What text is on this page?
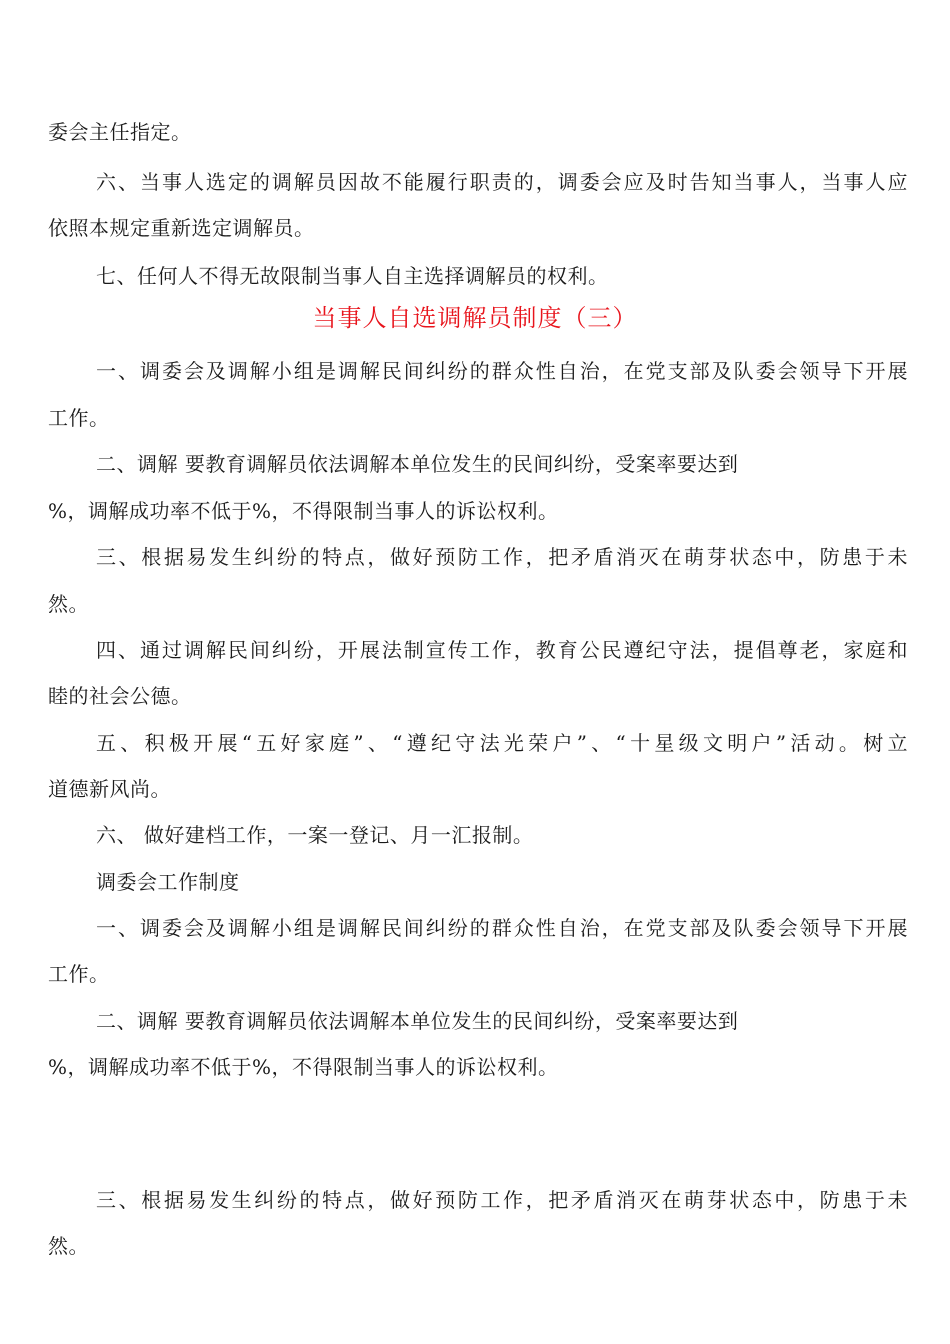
委会主任指定。
六、当事人选定的调解员因故不能履行职责的，调委会应及时告知当事人，当事人应
依照本规定重新选定调解员。
七、任何人不得无故限制当事人自主选择调解员的权利。
当事人自选调解员制度（三）
一、调委会及调解小组是调解民间纠纷的群众性自治，在党支部及队委会领导下开展
工作。
二、调解 要教育调解员依法调解本单位发生的民间纠纷，受案率要达到
%，调解成功率不低于%，不得限制当事人的诉讼权利。
三、根据易发生纠纷的特点，做好预防工作，把矛盾消灭在萌芽状态中，防患于未
然。
四、通过调解民间纠纷，开展法制宣传工作，教育公民遵纪守法，提倡尊老，家庭和
睦的社会公德。
五、积极开展“五好家庭”、“遵纪守法光荣户”、“十星级文明户”活动。树立
道德新风尚。
六、 做好建档工作，一案一登记、月一汇报制。
调委会工作制度
一、调委会及调解小组是调解民间纠纷的群众性自治，在党支部及队委会领导下开展
工作。
二、调解 要教育调解员依法调解本单位发生的民间纠纷，受案率要达到
%，调解成功率不低于%，不得限制当事人的诉讼权利。
三、根据易发生纠纷的特点，做好预防工作，把矛盾消灭在萌芽状态中，防患于未
然。
